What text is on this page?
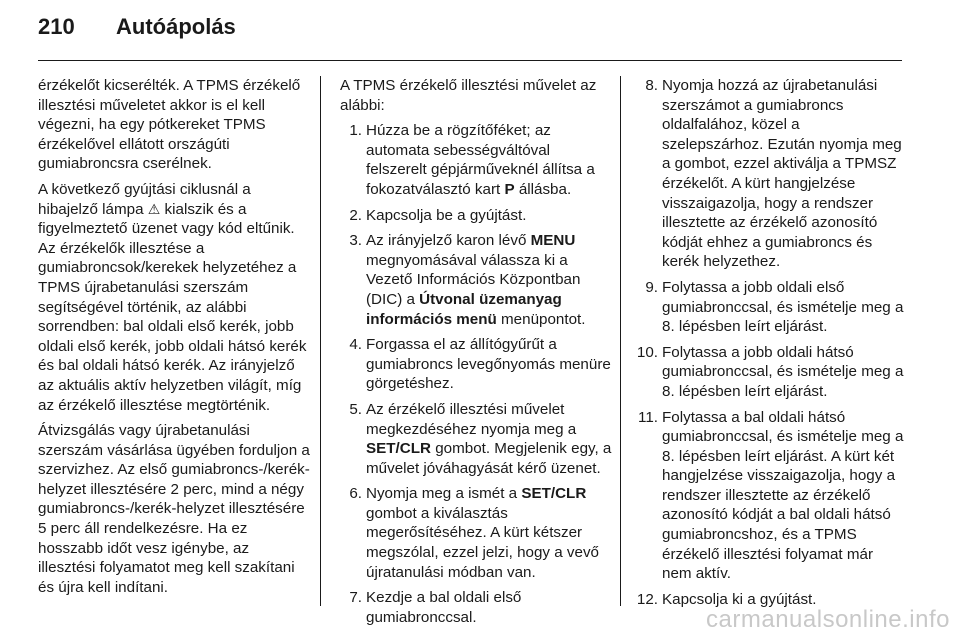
210 Autóápolás

érzékelőt kicserélték. A TPMS érzékelő illesztési műveletet akkor is el kell végezni, ha egy pótkereket TPMS érzékelővel ellátott országúti gumiabroncsra cserélnek.

A következő gyújtási ciklusnál a hibajelző lámpa ⚠ kialszik és a figyelmeztető üzenet vagy kód eltűnik. Az érzékelők illesztése a gumiabroncsok/kerekek helyzetéhez a TPMS újrabetanulási szerszám segítségével történik, az alábbi sorrendben: bal oldali első kerék, jobb oldali első kerék, jobb oldali hátsó kerék és bal oldali hátsó kerék. Az irányjelző az aktuális aktív helyzetben világít, míg az érzékelő illesztése megtörténik.

Átvizsgálás vagy újrabetanulási szerszám vásárlása ügyében forduljon a szervizhez. Az első gumiabroncs-/kerék-helyzet illesztésére 2 perc, mind a négy gumiabroncs-/kerék-helyzet illesztésére 5 perc áll rendelkezésre. Ha ez hosszabb időt vesz igénybe, az illesztési folyamatot meg kell szakítani és újra kell indítani.

A TPMS érzékelő illesztési művelet az alábbi:

1. Húzza be a rögzítőféket; az automata sebességváltóval felszerelt gépjárműveknél állítsa a fokozatválasztó kart P állásba.
2. Kapcsolja be a gyújtást.
3. Az irányjelző karon lévő MENU megnyomásával válassza ki a Vezető Információs Központban (DIC) a Útvonal üzemanyag információs menü menüpontot.
4. Forgassa el az állítógyűrűt a gumiabroncs levegőnyomás menüre görgetéshez.
5. Az érzékelő illesztési művelet megkezdéséhez nyomja meg a SET/CLR gombot. Megjelenik egy, a művelet jóváhagyását kérő üzenet.
6. Nyomja meg a ismét a SET/CLR gombot a kiválasztás megerősítéséhez. A kürt kétszer megszólal, ezzel jelzi, hogy a vevő újratanulási módban van.
7. Kezdje a bal oldali első gumiabronccsal.
8. Nyomja hozzá az újrabetanulási szerszámot a gumiabroncs oldalfalához, közel a szelepszárhoz. Ezután nyomja meg a gombot, ezzel aktiválja a TPMSZ érzékelőt. A kürt hangjelzése visszaigazolja, hogy a rendszer illesztette az érzékelő azonosító kódját ehhez a gumiabroncs és kerék helyzethez.
9. Folytassa a jobb oldali első gumiabronccsal, és ismételje meg a 8. lépésben leírt eljárást.
10. Folytassa a jobb oldali hátsó gumiabronccsal, és ismételje meg a 8. lépésben leírt eljárást.
11. Folytassa a bal oldali hátsó gumiabronccsal, és ismételje meg a 8. lépésben leírt eljárást. A kürt két hangjelzése visszaigazolja, hogy a rendszer illesztette az érzékelő azonosító kódját a bal oldali hátsó gumiabroncshoz, és a TPMS érzékelő illesztési folyamat már nem aktív.
12. Kapcsolja ki a gyújtást.
carmanualsonline.info
